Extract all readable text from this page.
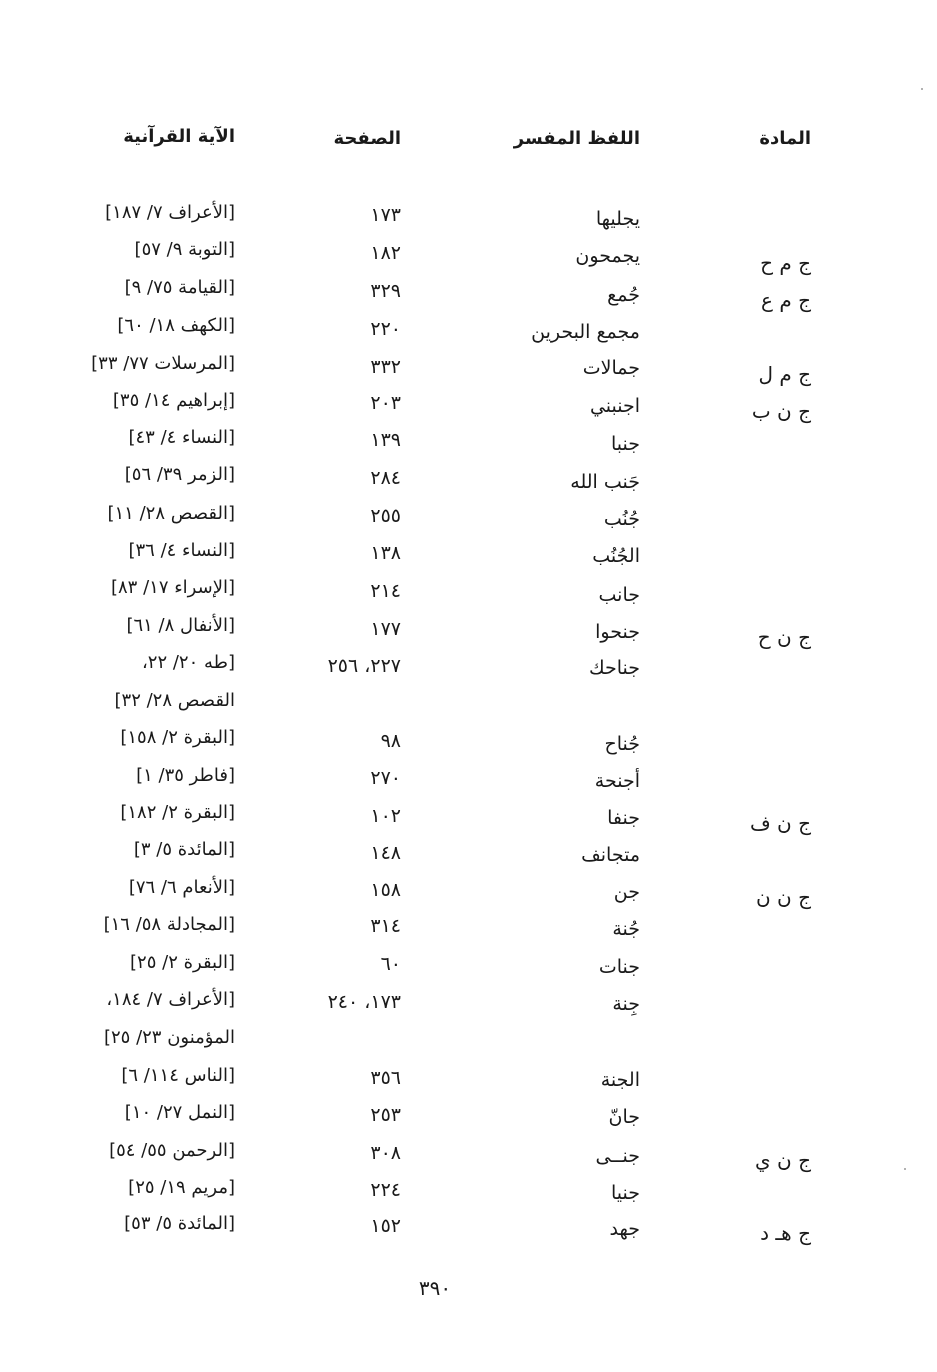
المادة
اللفظ المفسر
الصفحة
الآية القرآنية
يجليها
١٧٣
[الأعراف ٧/ ١٨٧]
ج م ح
يجمحون
١٨٢
[التوبة ٩/ ٥٧]
ج م ع
جُمع
٣٢٩
[القيامة ٧٥/ ٩]
مجمع البحرين
٢٢٠
[الكهف ١٨/ ٦٠]
ج م ل
جمالات
٣٣٢
[المرسلات ٧٧/ ٣٣]
ج ن ب
اجنبني
٢٠٣
[إبراهيم ١٤/ ٣٥]
جنبا
١٣٩
[النساء ٤/ ٤٣]
جَنب الله
٢٨٤
[الزمر ٣٩/ ٥٦]
جُنُب
٢٥٥
[القصص ٢٨/ ١١]
الجُنُب
١٣٨
[النساء ٤/ ٣٦]
جانب
٢١٤
[الإسراء ١٧/ ٨٣]
ج ن ح
جنحوا
١٧٧
[الأنفال ٨/ ٦١]
جناحك
٢٢٧، ٢٥٦
[طه ٢٠/ ٢٢،
القصص ٢٨/ ٣٢]
جُناح
٩٨
[البقرة ٢/ ١٥٨]
أجنحة
٢٧٠
[فاطر ٣٥/ ١]
ج ن ف
جنفا
١٠٢
[البقرة ٢/ ١٨٢]
متجانف
١٤٨
[المائدة ٥/ ٣]
ج ن ن
جن
١٥٨
[الأنعام ٦/ ٧٦]
جُنة
٣١٤
[المجادلة ٥٨/ ١٦]
جنات
٦٠
[البقرة ٢/ ٢٥]
جِنة
١٧٣، ٢٤٠
[الأعراف ٧/ ١٨٤،
المؤمنون ٢٣/ ٢٥]
الجنة
٣٥٦
[الناس ١١٤/ ٦]
جانّ
٢٥٣
[النمل ٢٧/ ١٠]
ج ن ي
جنــى
٣٠٨
[الرحمن ٥٥/ ٥٤]
جنيا
٢٢٤
[مريم ١٩/ ٢٥]
ج هـ د
جهد
١٥٢
[المائدة ٥/ ٥٣]
٣٩٠
